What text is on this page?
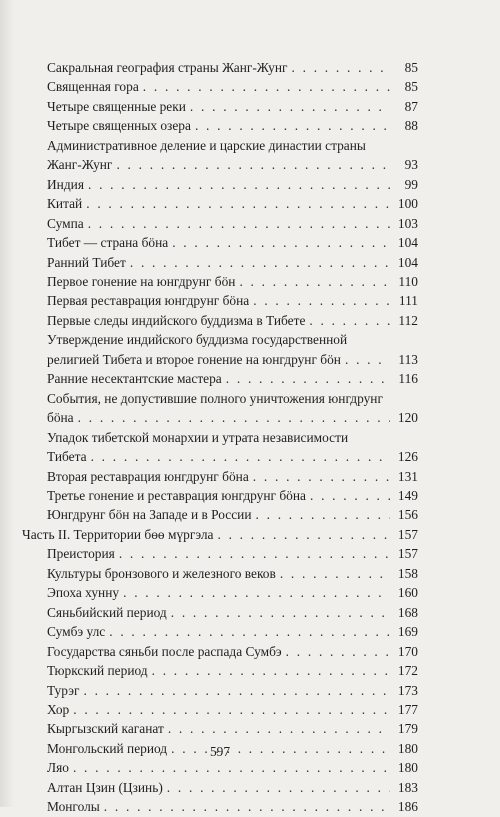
Сакральная география страны Жанг-Жунг . . .	85
Священная гора . . .	85
Четыре священные реки . . .	87
Четыре священных озера . . .	88
Административное деление и царские династии страны
Жанг-Жунг . . .	93
Индия . . .	99
Китай . . .	100
Сумпа . . .	103
Тибет — страна бӧна . . .	104
Ранний Тибет . . .	104
Первое гонение на юнгдрунг бӧн . . .	110
Первая реставрация юнгдрунг бӧна . . .	111
Первые следы индийского буддизма в Тибете . . .	112
Утверждение индийского буддизма государственной
религией Тибета и второе гонение на юнгдрунг бӧн . . .	113
Ранние несектантские мастера . . .	116
События, не допустившие полного уничтожения юнгдрунг
бӧна . . .	120
Упадок тибетской монархии и утрата независимости
Тибета . . .	126
Вторая реставрация юнгдрунг бӧна . . .	131
Третье гонение и реставрация юнгдрунг бӧна . . .	149
Юнгдрунг бӧн на Западе и в России . . .	156
Часть II. Территории бөө мүргэла . . .	157
Преистория . . .	157
Культуры бронзового и железного веков . . .	158
Эпоха хунну . . .	160
Сяньбийский период . . .	168
Сумбэ улс . . .	169
Государства сяньби после распада Сумбэ . . .	170
Тюркский период . . .	172
Турэг . . .	173
Хор . . .	177
Кыргызский каганат . . .	179
Монгольский период . . .	180
Ляо . . .	180
Алтан Цзин (Цзинь) . . .	183
Монголы . . .	186
597
